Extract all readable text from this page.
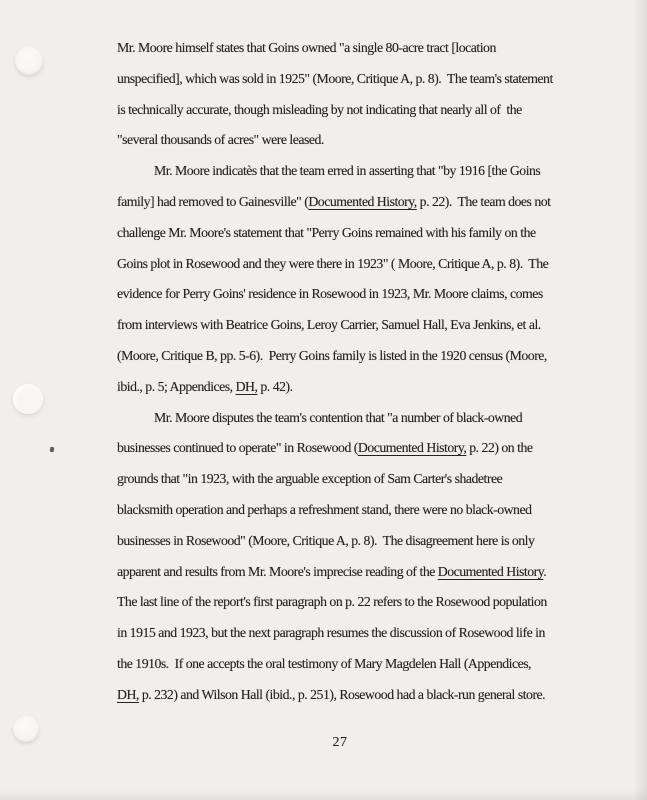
Mr. Moore himself states that Goins owned "a single 80-acre tract [location
unspecified], which was sold in 1925" (Moore, Critique A, p. 8).  The team's statement
is technically accurate, though misleading by not indicating that nearly all of  the
"several thousands of acres" were leased.
Mr. Moore indicatès that the team erred in asserting that "by 1916 [the Goins
family] had removed to Gainesville" (Documented History, p. 22).  The team does not
challenge Mr. Moore's statement that "Perry Goins remained with his family on the
Goins plot in Rosewood and they were there in 1923" ( Moore, Critique A, p. 8).  The
evidence for Perry Goins' residence in Rosewood in 1923, Mr. Moore claims, comes
from interviews with Beatrice Goins, Leroy Carrier, Samuel Hall, Eva Jenkins, et al.
(Moore, Critique B, pp. 5-6).  Perry Goins family is listed in the 1920 census (Moore,
ibid., p. 5; Appendices, DH, p. 42).
Mr. Moore disputes the team's contention that "a number of black-owned
businesses continued to operate" in Rosewood (Documented History, p. 22) on the
grounds that "in 1923, with the arguable exception of Sam Carter's shadetree
blacksmith operation and perhaps a refreshment stand, there were no black-owned
businesses in Rosewood" (Moore, Critique A, p. 8).  The disagreement here is only
apparent and results from Mr. Moore's imprecise reading of the Documented History.
The last line of the report's first paragraph on p. 22 refers to the Rosewood population
in 1915 and 1923, but the next paragraph resumes the discussion of Rosewood life in
the 1910s.  If one accepts the oral testimony of Mary Magdelen Hall (Appendices,
DH, p. 232) and Wilson Hall (ibid., p. 251), Rosewood had a black-run general store.
27
